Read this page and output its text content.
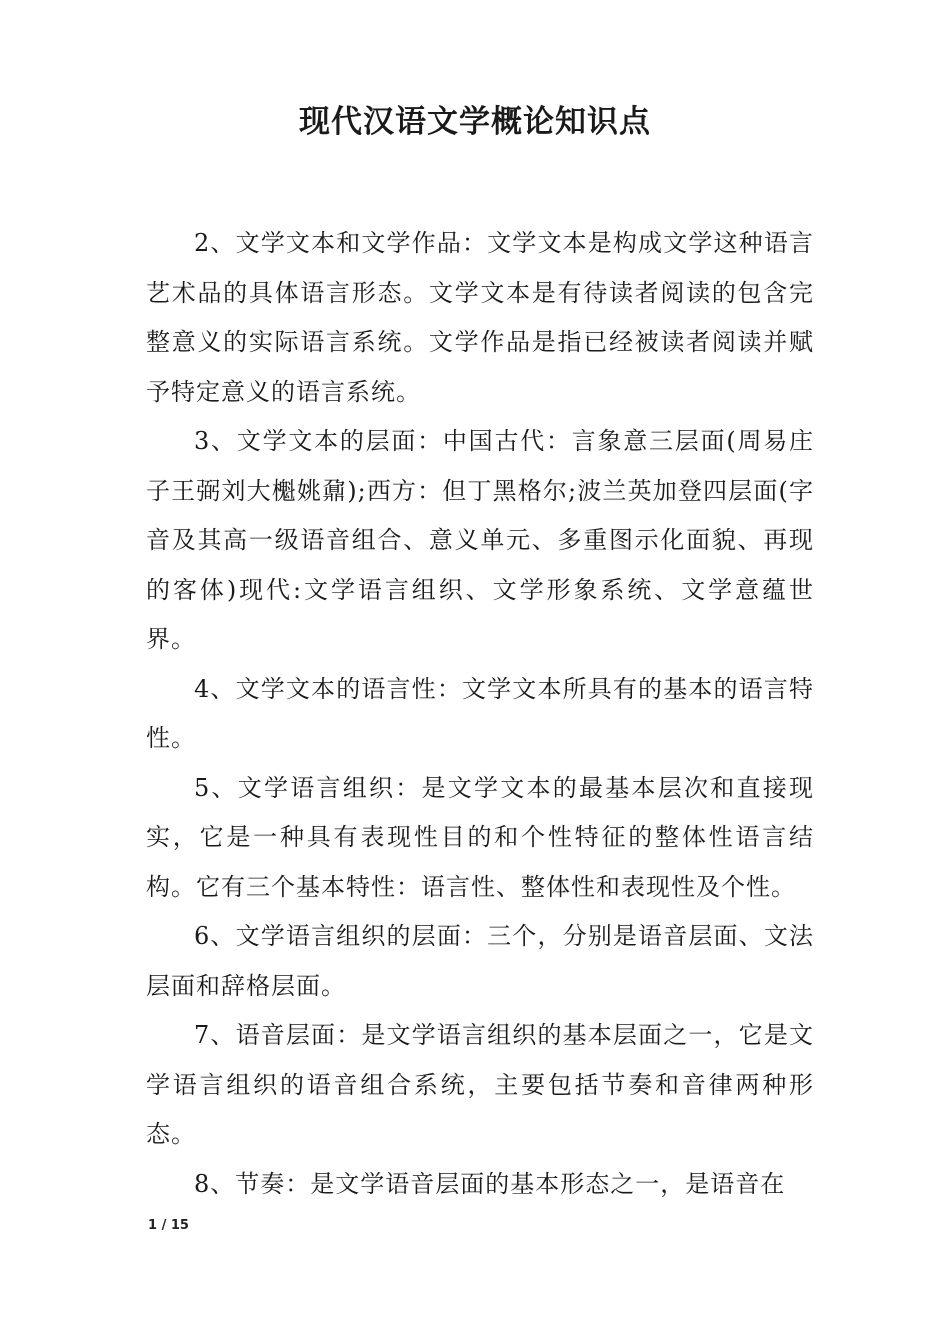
现代汉语文学概论知识点

2、文学文本和文学作品：文学文本是构成文学这种语言艺术品的具体语言形态。文学文本是有待读者阅读的包含完整意义的实际语言系统。文学作品是指已经被读者阅读并赋予特定意义的语言系统。

3、文学文本的层面：中国古代：言象意三层面(周易庄子王弼刘大櫆姚鼐);西方：但丁黑格尔;波兰英加登四层面(字音及其高一级语音组合、意义单元、多重图示化面貌、再现的客体)现代:文学语言组织、文学形象系统、文学意蕴世界。

4、文学文本的语言性：文学文本所具有的基本的语言特性。

5、文学语言组织：是文学文本的最基本层次和直接现实，它是一种具有表现性目的和个性特征的整体性语言结构。它有三个基本特性：语言性、整体性和表现性及个性。

6、文学语言组织的层面：三个，分别是语音层面、文法层面和辞格层面。

7、语音层面：是文学语言组织的基本层面之一，它是文学语言组织的语音组合系统，主要包括节奏和音律两种形态。

8、节奏：是文学语音层面的基本形态之一，是语音在

1 / 15
